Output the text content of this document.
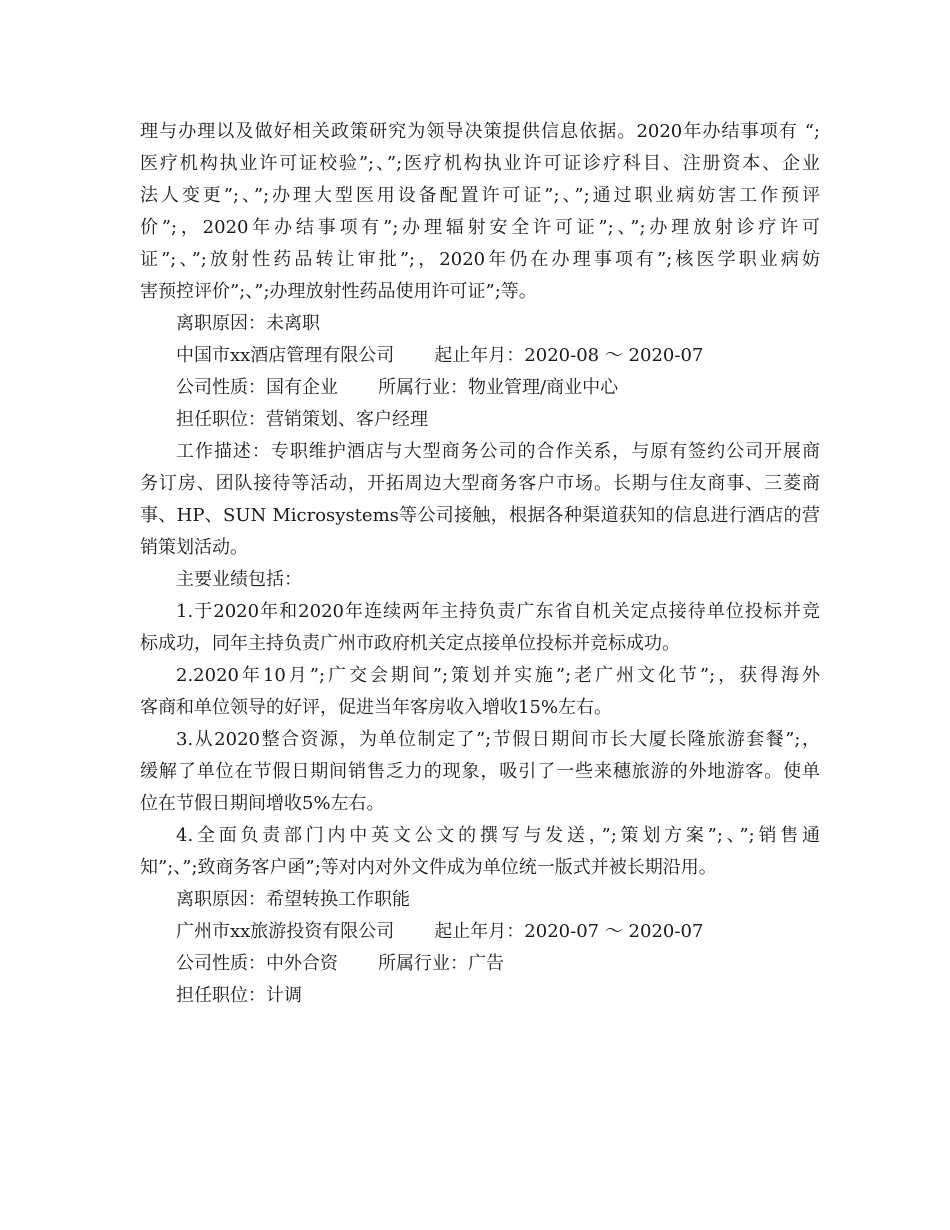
理与办理以及做好相关政策研究为领导决策提供信息依据。2020年办结事项有 “;
医疗机构执业许可证校验”;、”;医疗机构执业许可证诊疗科目、注册资本、企业
法人变更”;、”;办理大型医用设备配置许可证”;、”;通过职业病妨害工作预评
价”;，2020年办结事项有”;办理辐射安全许可证”;、”;办理放射诊疗许可
证”;、”;放射性药品转让审批”;，2020年仍在办理事项有”;核医学职业病妨
害预控评价”;、”;办理放射性药品使用许可证”;等。
离职原因：未离职
中国市xx酒店管理有限公司 起止年月：2020-08 ～ 2020-07
公司性质：国有企业 所属行业：物业管理/商业中心
担任职位：营销策划、客户经理
工作描述：专职维护酒店与大型商务公司的合作关系，与原有签约公司开展商
务订房、团队接待等活动，开拓周边大型商务客户市场。长期与住友商事、三菱商
事、HP、SUN Microsystems等公司接触，根据各种渠道获知的信息进行酒店的营
销策划活动。
主要业绩包括：
1.于2020年和2020年连续两年主持负责广东省自机关定点接待单位投标并竞
标成功，同年主持负责广州市政府机关定点接单位投标并竞标成功。
2.2020年10月”;广交会期间”;策划并实施”;老广州文化节”;，获得海外
客商和单位领导的好评，促进当年客房收入增收15%左右。
3.从2020整合资源，为单位制定了”;节假日期间市长大厦长隆旅游套餐”;，
缓解了单位在节假日期间销售乏力的现象，吸引了一些来穗旅游的外地游客。使单
位在节假日期间增收5%左右。
4.全面负责部门内中英文公文的撰写与发送，”;策划方案”;、”;销售通
知”;、”;致商务客户函”;等对内对外文件成为单位统一版式并被长期沿用。
离职原因：希望转换工作职能
广州市xx旅游投资有限公司 起止年月：2020-07 ～ 2020-07
公司性质：中外合资 所属行业：广告
担任职位：计调
